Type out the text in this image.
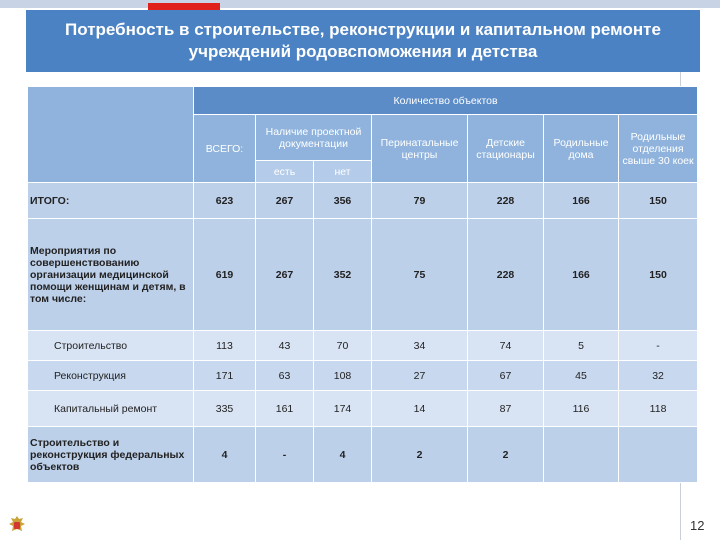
Потребность в строительстве, реконструкции и капитальном ремонте учреждений родовспоможения и детства
	Количество объектов						
	ВСЕГО:	Наличие проектной документации		Перинатальные центры	Детские стационары	Родильные дома	Родильные отделения свыше 30 коек
		есть	нет				
ИТОГО:	623	267	356	79	228	166	150
Мероприятия по совершенствованию организации медицинской помощи женщинам и детям, в том числе:	619	267	352	75	228	166	150
Строительство	113	43	70	34	74	5	-
Реконструкция	171	63	108	27	67	45	32
Капитальный ремонт	335	161	174	14	87	116	118
Строительство и реконструкция федеральных объектов	4	-	4	2	2		
12
